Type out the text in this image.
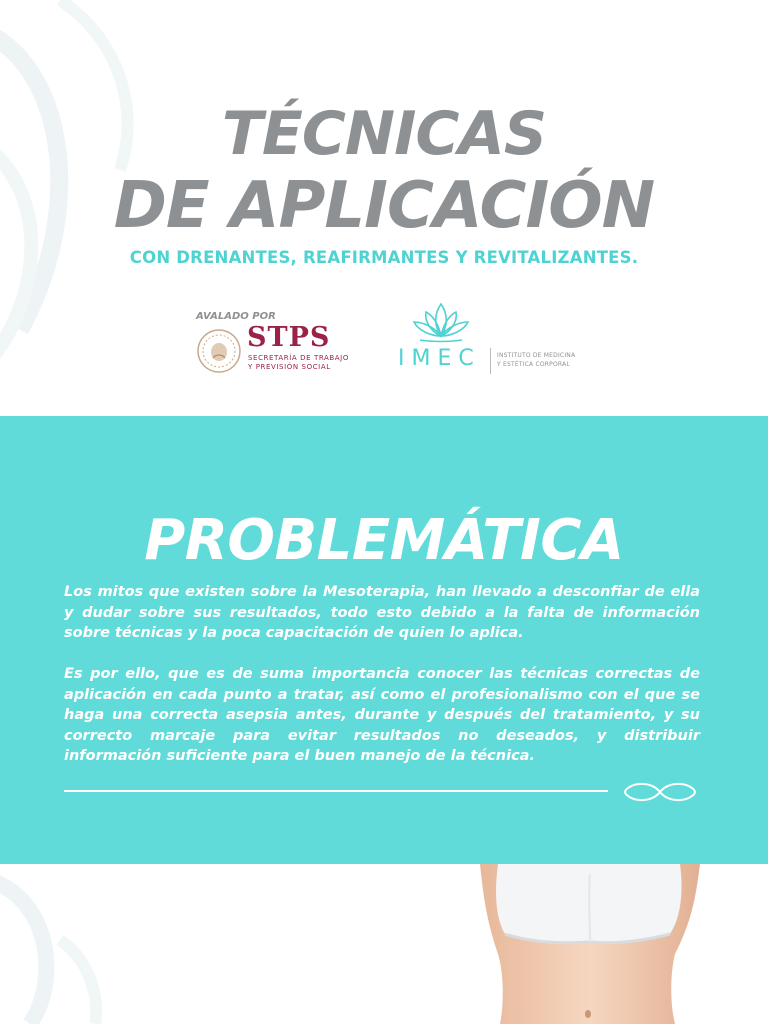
TÉCNICAS
DE APLICACIÓN
CON DRENANTES, REAFIRMANTES Y REVITALIZANTES.
AVALADO POR
STPS
SECRETARÍA DE TRABAJO
Y PREVISIÓN SOCIAL	IMEC	INSTITUTO DE MEDICINA
Y ESTÉTICA CORPORAL
PROBLEMÁTICA

Los mitos que existen sobre la Mesoterapia, han llevado a desconfiar de ella y dudar sobre sus resultados, todo esto debido a la falta de información sobre técnicas y la poca capacitación de quien lo aplica.

Es por ello, que es de suma importancia conocer las técnicas correctas de aplicación en cada punto a tratar, así como el profesionalismo con el que se haga una correcta asepsia antes, durante y después del tratamiento, y su correcto marcaje para evitar resultados no deseados, y distribuir información suficiente para el buen manejo de la técnica.
